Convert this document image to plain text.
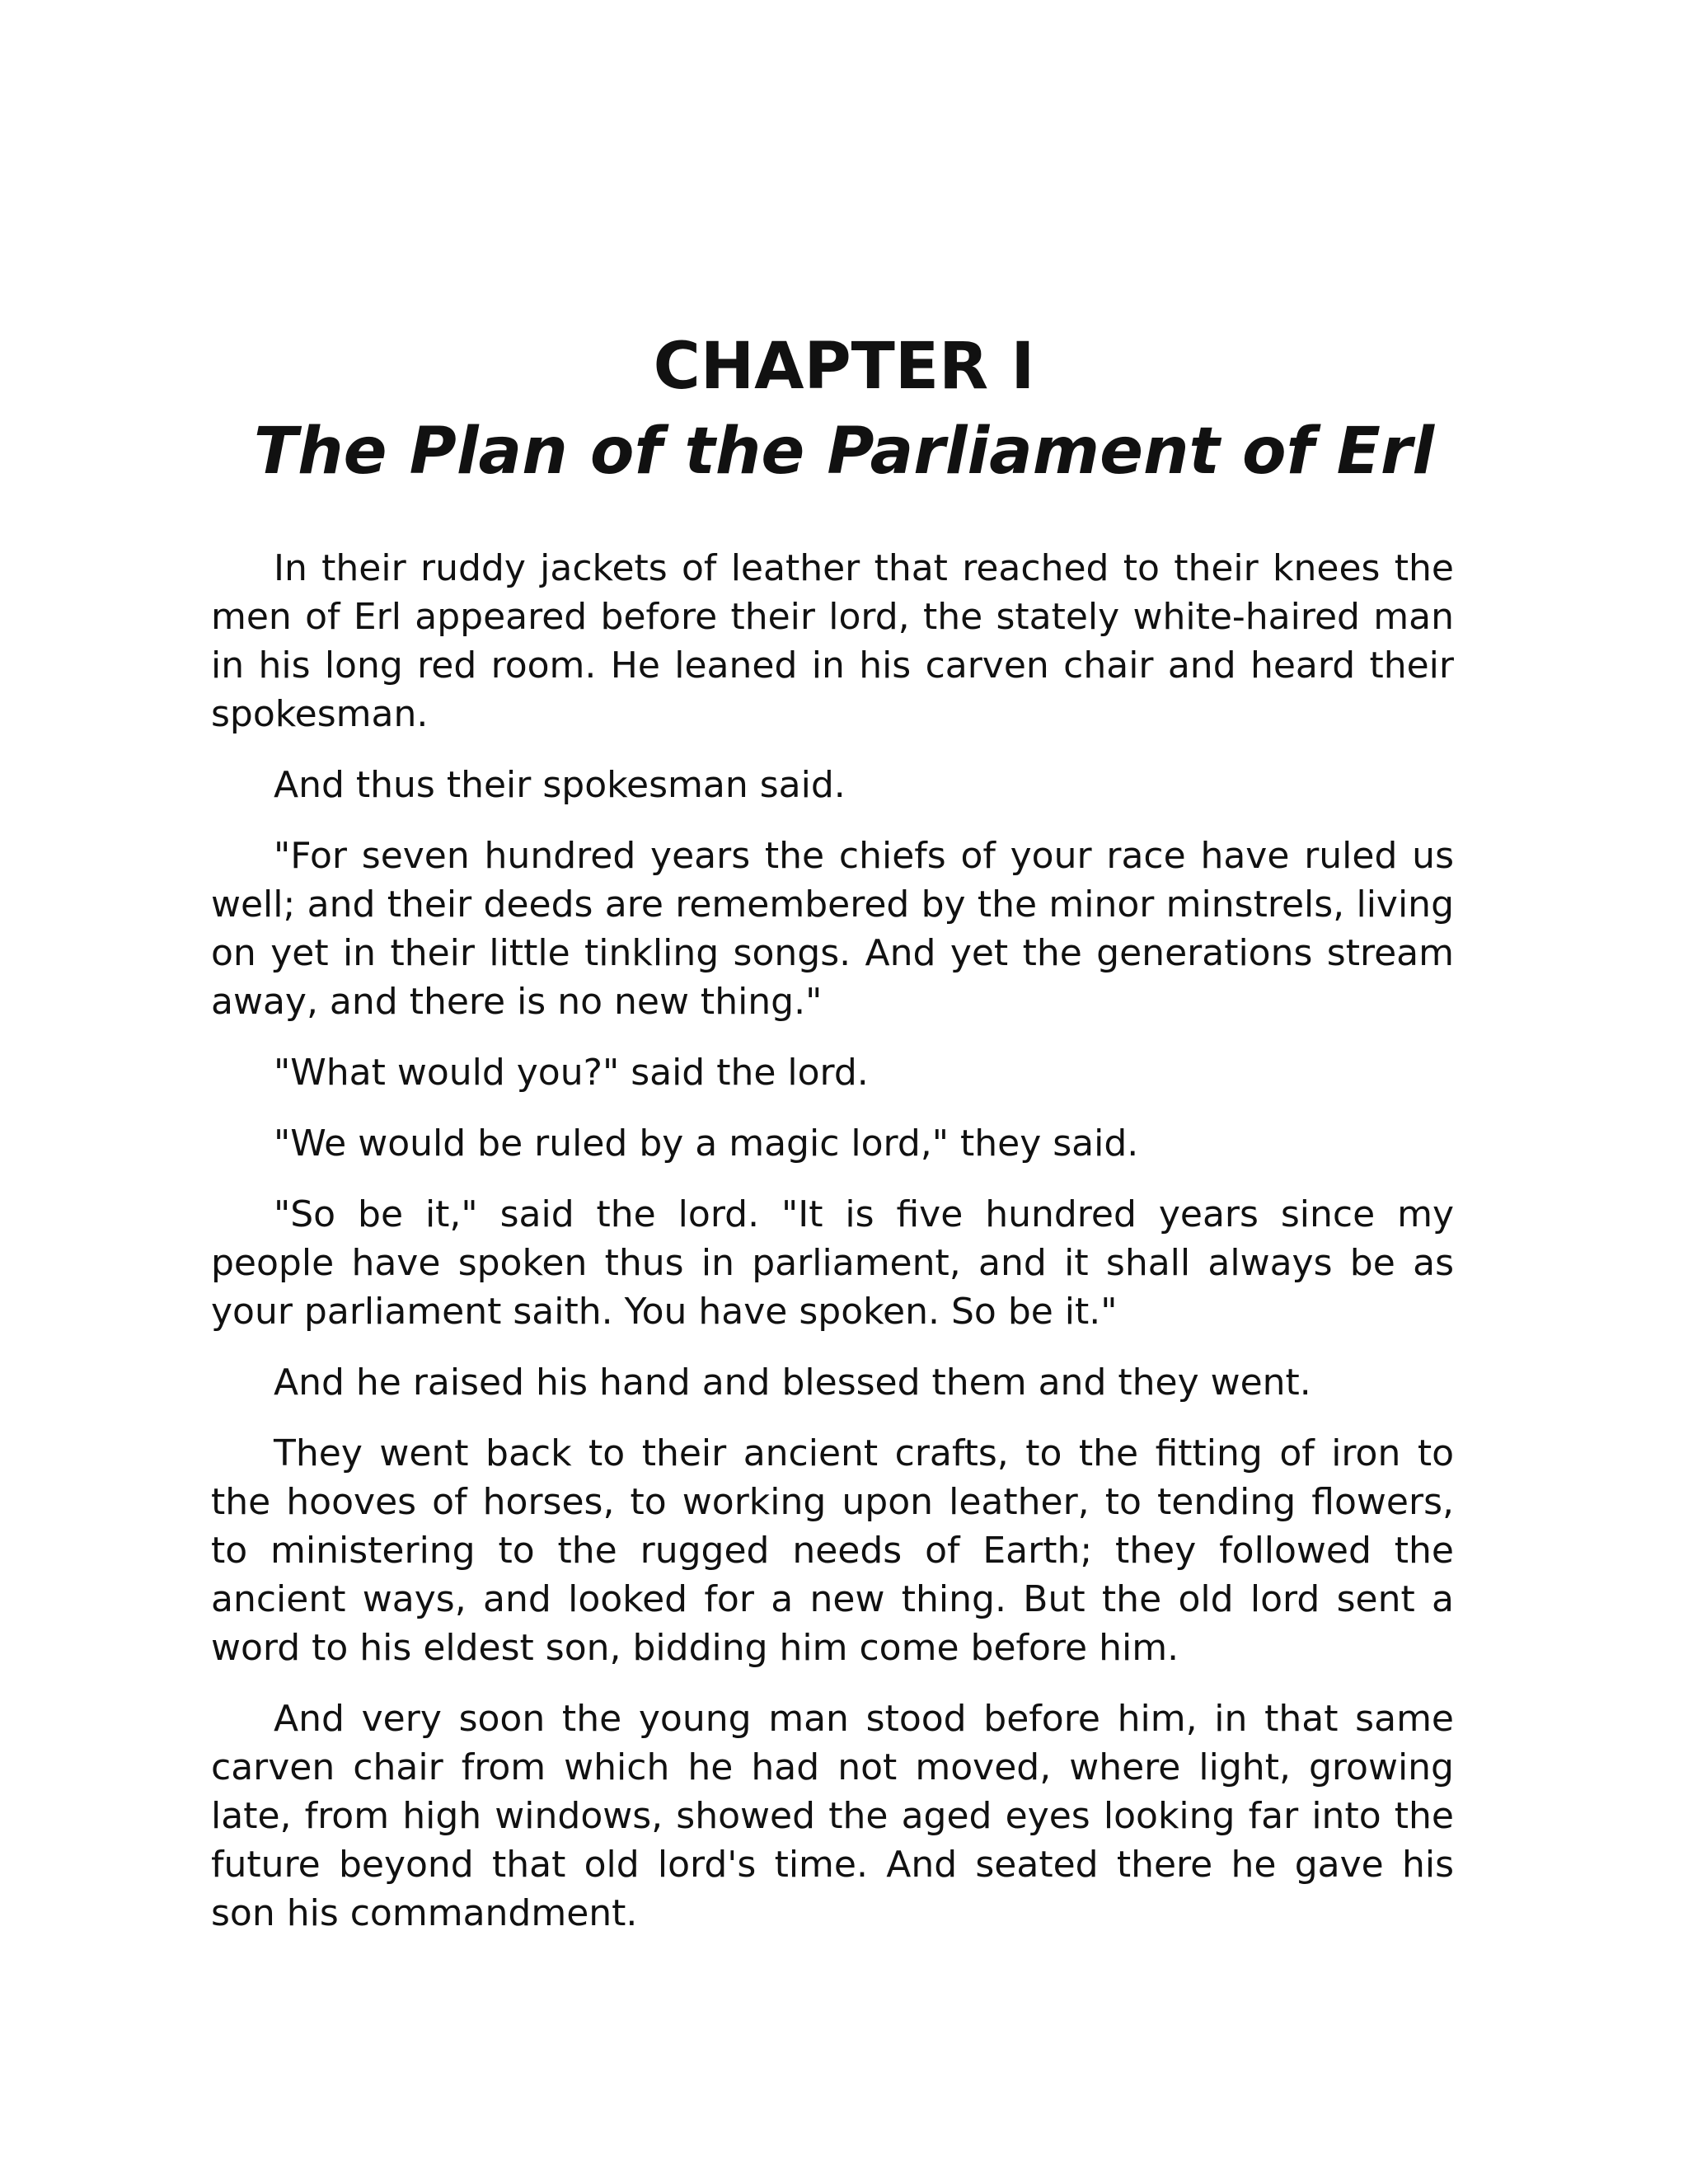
CHAPTER I
The Plan of the Parliament of Erl

In their ruddy jackets of leather that reached to their knees the men of Erl appeared before their lord, the stately white-haired man in his long red room. He leaned in his carven chair and heard their spokesman.

And thus their spokesman said.

"For seven hundred years the chiefs of your race have ruled us well; and their deeds are remembered by the minor minstrels, living on yet in their little tinkling songs. And yet the generations stream away, and there is no new thing."

"What would you?" said the lord.

"We would be ruled by a magic lord," they said.

"So be it," said the lord. "It is five hundred years since my people have spoken thus in parliament, and it shall always be as your parliament saith. You have spoken. So be it."

And he raised his hand and blessed them and they went.

They went back to their ancient crafts, to the fitting of iron to the hooves of horses, to working upon leather, to tending flowers, to ministering to the rugged needs of Earth; they followed the ancient ways, and looked for a new thing. But the old lord sent a word to his eldest son, bidding him come before him.

And very soon the young man stood before him, in that same carven chair from which he had not moved, where light, growing late, from high windows, showed the aged eyes looking far into the future beyond that old lord's time. And seated there he gave his son his commandment.
